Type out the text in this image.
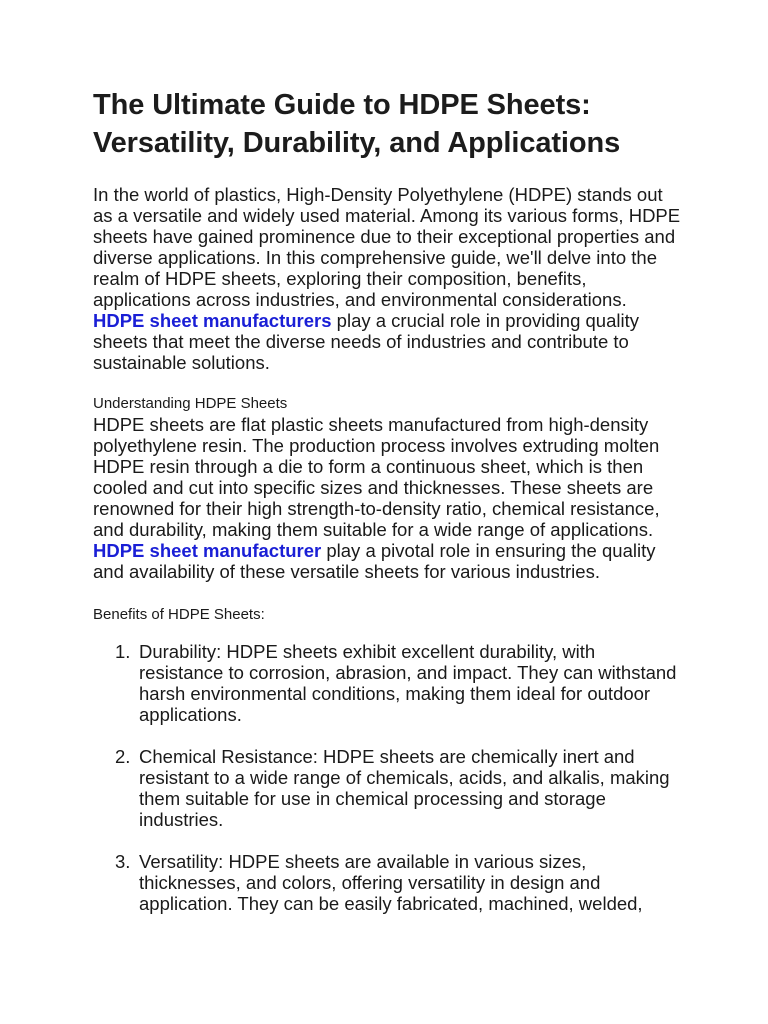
The Ultimate Guide to HDPE Sheets: Versatility, Durability, and Applications

In the world of plastics, High-Density Polyethylene (HDPE) stands out as a versatile and widely used material. Among its various forms, HDPE sheets have gained prominence due to their exceptional properties and diverse applications. In this comprehensive guide, we'll delve into the realm of HDPE sheets, exploring their composition, benefits, applications across industries, and environmental considerations. HDPE sheet manufacturers play a crucial role in providing quality sheets that meet the diverse needs of industries and contribute to sustainable solutions.

Understanding HDPE Sheets

HDPE sheets are flat plastic sheets manufactured from high-density polyethylene resin. The production process involves extruding molten HDPE resin through a die to form a continuous sheet, which is then cooled and cut into specific sizes and thicknesses. These sheets are renowned for their high strength-to-density ratio, chemical resistance, and durability, making them suitable for a wide range of applications. HDPE sheet manufacturer play a pivotal role in ensuring the quality and availability of these versatile sheets for various industries.

Benefits of HDPE Sheets:

1. Durability: HDPE sheets exhibit excellent durability, with resistance to corrosion, abrasion, and impact. They can withstand harsh environmental conditions, making them ideal for outdoor applications.
2. Chemical Resistance: HDPE sheets are chemically inert and resistant to a wide range of chemicals, acids, and alkalis, making them suitable for use in chemical processing and storage industries.
3. Versatility: HDPE sheets are available in various sizes, thicknesses, and colors, offering versatility in design and application. They can be easily fabricated, machined, welded,
